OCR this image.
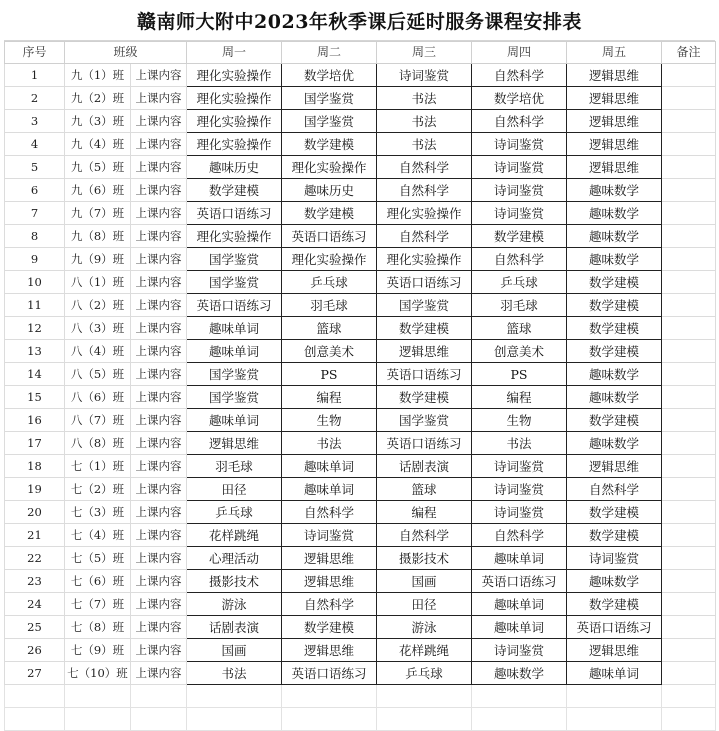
赣南师大附中2023年秋季课后延时服务课程安排表
序号	班级		周一	周二	周三	周四	周五	备注
1	九（1）班	上课内容	理化实验操作	数学培优	诗词鉴赏	自然科学	逻辑思维	
2	九（2）班	上课内容	理化实验操作	国学鉴赏	书法	数学培优	逻辑思维	
3	九（3）班	上课内容	理化实验操作	国学鉴赏	书法	自然科学	逻辑思维	
4	九（4）班	上课内容	理化实验操作	数学建模	书法	诗词鉴赏	逻辑思维	
5	九（5）班	上课内容	趣味历史	理化实验操作	自然科学	诗词鉴赏	逻辑思维	
6	九（6）班	上课内容	数学建模	趣味历史	自然科学	诗词鉴赏	趣味数学	
7	九（7）班	上课内容	英语口语练习	数学建模	理化实验操作	诗词鉴赏	趣味数学	
8	九（8）班	上课内容	理化实验操作	英语口语练习	自然科学	数学建模	趣味数学	
9	九（9）班	上课内容	国学鉴赏	理化实验操作	理化实验操作	自然科学	趣味数学	
10	八（1）班	上课内容	国学鉴赏	乒乓球	英语口语练习	乒乓球	数学建模	
11	八（2）班	上课内容	英语口语练习	羽毛球	国学鉴赏	羽毛球	数学建模	
12	八（3）班	上课内容	趣味单词	篮球	数学建模	篮球	数学建模	
13	八（4）班	上课内容	趣味单词	创意美术	逻辑思维	创意美术	数学建模	
14	八（5）班	上课内容	国学鉴赏	PS	英语口语练习	PS	趣味数学	
15	八（6）班	上课内容	国学鉴赏	编程	数学建模	编程	趣味数学	
16	八（7）班	上课内容	趣味单词	生物	国学鉴赏	生物	数学建模	
17	八（8）班	上课内容	逻辑思维	书法	英语口语练习	书法	趣味数学	
18	七（1）班	上课内容	羽毛球	趣味单词	话剧表演	诗词鉴赏	逻辑思维	
19	七（2）班	上课内容	田径	趣味单词	篮球	诗词鉴赏	自然科学	
20	七（3）班	上课内容	乒乓球	自然科学	编程	诗词鉴赏	数学建模	
21	七（4）班	上课内容	花样跳绳	诗词鉴赏	自然科学	自然科学	数学建模	
22	七（5）班	上课内容	心理活动	逻辑思维	摄影技术	趣味单词	诗词鉴赏	
23	七（6）班	上课内容	摄影技术	逻辑思维	国画	英语口语练习	趣味数学	
24	七（7）班	上课内容	游泳	自然科学	田径	趣味单词	数学建模	
25	七（8）班	上课内容	话剧表演	数学建模	游泳	趣味单词	英语口语练习	
26	七（9）班	上课内容	国画	逻辑思维	花样跳绳	诗词鉴赏	逻辑思维	
27	七（10）班	上课内容	书法	英语口语练习	乒乓球	趣味数学	趣味单词	
